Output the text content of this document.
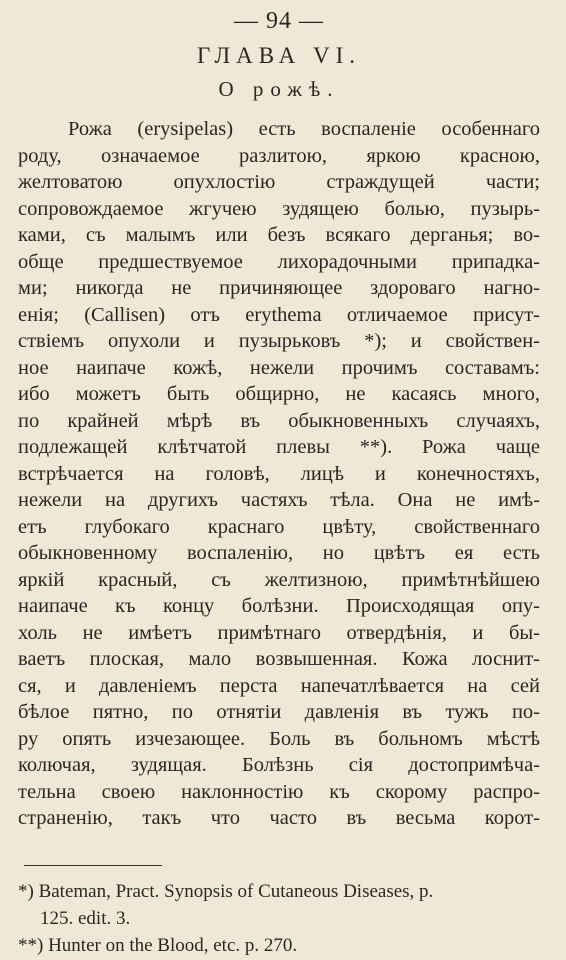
— 94 —
ГЛАВА VI.
О рожѣ.
Рожа (erysipelas) есть воспаленіе особеннаго
роду, означаемое разлитою, яркою красною,
желтоватою опухлостію страждущей части;
сопровождаемое жгучею зудящею болью, пузырь-
ками, съ малымъ или безъ всякаго дерганья; во-
обще предшествуемое лихорадочными припадка-
ми; никогда не причиняющее здороваго нагно-
енія; (Callisen) отъ erythema отличаемое присут-
ствіемъ опухоли и пузырьковъ *); и свойствен-
ное наипаче кожѣ, нежели прочимъ составамъ:
ибо можетъ быть общирно, не касаясь много,
по крайней мѣрѣ въ обыкновенныхъ случаяхъ,
подлежащей клѣтчатой плевы **). Рожа чаще
встрѣчается на головѣ, лицѣ и конечностяхъ,
нежели на другихъ частяхъ тѣла. Она не имѣ-
етъ глубокаго краснаго цвѣту, свойственнаго
обыкновенному воспаленію, но цвѣтъ ея есть
яркій красный, съ желтизною, примѣтнѣйшею
наипаче къ концу болѣзни. Происходящая опу-
холь не имѣетъ примѣтнаго отвердѣнія, и бы-
ваетъ плоская, мало возвышенная. Кожа лоснит-
ся, и давленіемъ перста напечатлѣвается на сей
бѣлое пятно, по отнятіи давленія въ тужъ по-
ру опять изчезающее. Боль въ больномъ мѣстѣ
колючая, зудящая. Болѣзнь сія достопримѣча-
тельна своею наклонностію къ скорому распро-
страненію, такъ что часто въ весьма корот-
*) Bateman, Pract. Synopsis of Cutaneous Diseases, p.
125. edit. 3.
**) Hunter on the Blood, etc. p. 270.
